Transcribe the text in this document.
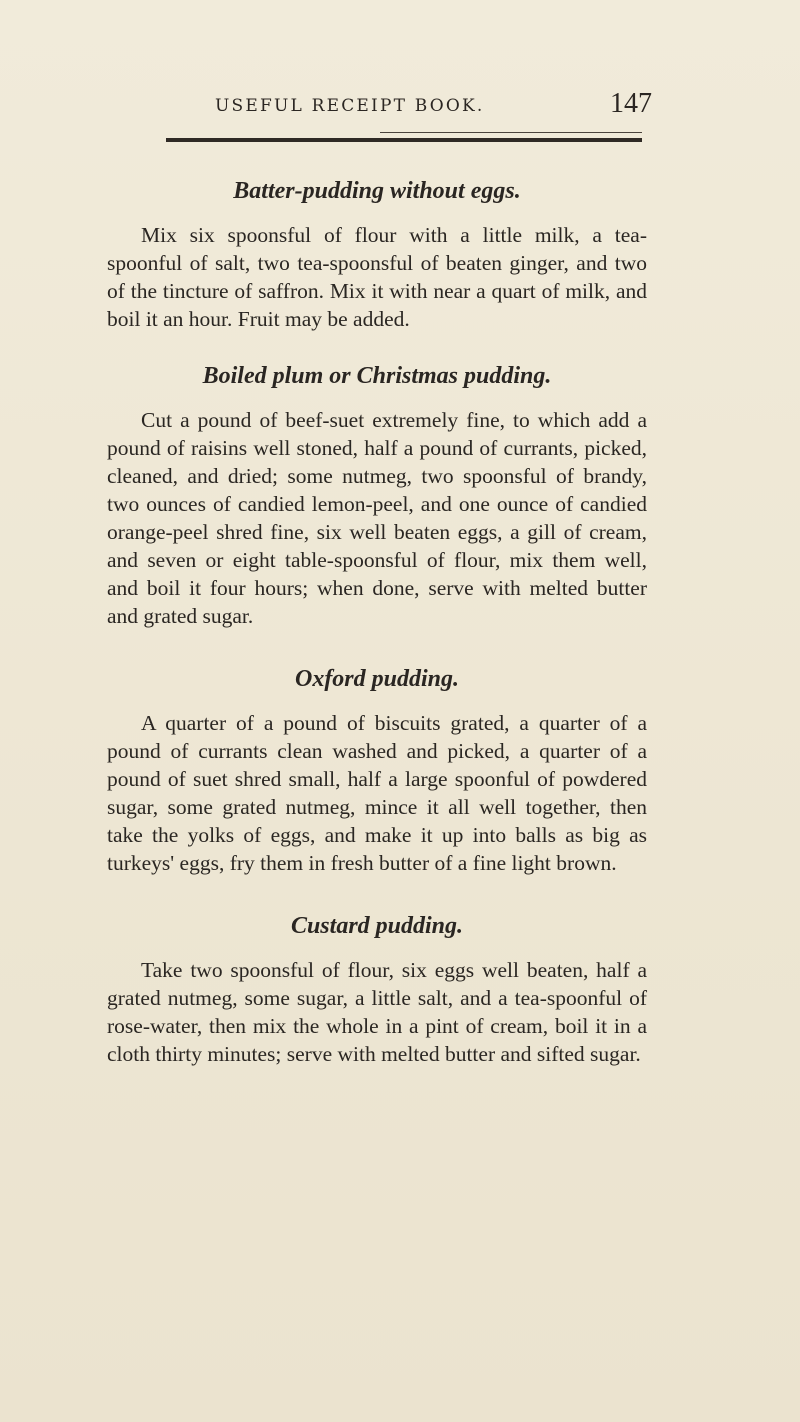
USEFUL RECEIPT BOOK.	147
Batter-pudding without eggs.

Mix six spoonsful of flour with a little milk, a tea-spoonful of salt, two tea-spoonsful of beaten ginger, and two of the tincture of saffron. Mix it with near a quart of milk, and boil it an hour. Fruit may be added.

Boiled plum or Christmas pudding.

Cut a pound of beef-suet extremely fine, to which add a pound of raisins well stoned, half a pound of currants, picked, cleaned, and dried; some nutmeg, two spoonsful of brandy, two ounces of candied lemon-peel, and one ounce of candied orange-peel shred fine, six well beaten eggs, a gill of cream, and seven or eight table-spoonsful of flour, mix them well, and boil it four hours; when done, serve with melted butter and grated sugar.

Oxford pudding.

A quarter of a pound of biscuits grated, a quarter of a pound of currants clean washed and picked, a quarter of a pound of suet shred small, half a large spoonful of powdered sugar, some grated nutmeg, mince it all well together, then take the yolks of eggs, and make it up into balls as big as turkeys' eggs, fry them in fresh butter of a fine light brown.

Custard pudding.

Take two spoonsful of flour, six eggs well beaten, half a grated nutmeg, some sugar, a little salt, and a tea-spoonful of rose-water, then mix the whole in a pint of cream, boil it in a cloth thirty minutes; serve with melted butter and sifted sugar.
